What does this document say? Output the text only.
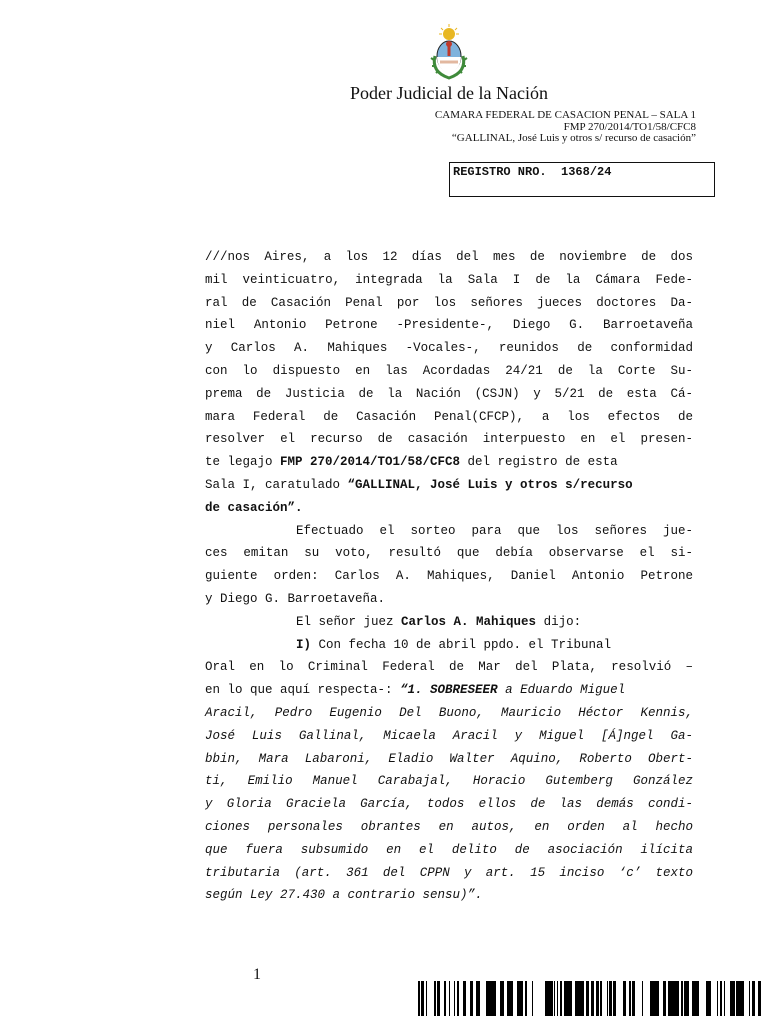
Poder Judicial de la Nación
CAMARA FEDERAL DE CASACION PENAL – SALA 1
FMP 270/2014/TO1/58/CFC8
“GALLINAL, José Luis y otros s/ recurso de casación”
REGISTRO NRO.  1368/24
///nos Aires, a los 12 días del mes de noviembre de dos
mil veinticuatro, integrada la Sala I de la Cámara Fede-
ral de Casación Penal por los señores jueces doctores Da-
niel Antonio Petrone -Presidente-, Diego G. Barroetaveña
y Carlos A. Mahiques -Vocales-, reunidos de conformidad
con lo dispuesto en las Acordadas 24/21 de la Corte Su-
prema de Justicia de la Nación (CSJN) y 5/21 de esta Cá-
mara Federal de Casación Penal(CFCP), a los efectos de
resolver el recurso de casación interpuesto en el presen-
te legajo FMP 270/2014/TO1/58/CFC8 del registro de esta
Sala I, caratulado “GALLINAL, José Luis y otros s/recurso
de casación”.
Efectuado el sorteo para que los señores jue-
ces emitan su voto, resultó que debía observarse el si-
guiente orden: Carlos A. Mahiques, Daniel Antonio Petrone
y Diego G. Barroetaveña.
El señor juez Carlos A. Mahiques dijo:
I) Con fecha 10 de abril ppdo. el Tribunal
Oral en lo Criminal Federal de Mar del Plata, resolvió –
en lo que aquí respecta-: “1. SOBRESEER a Eduardo Miguel
Aracil, Pedro Eugenio Del Buono, Mauricio Héctor Kennis,
José Luis Gallinal, Micaela Aracil y Miguel [Á]ngel Ga-
bbin, Mara Labaroni, Eladio Walter Aquino, Roberto Obert-
ti, Emilio Manuel Carabajal, Horacio Gutemberg González
y Gloria Graciela García, todos ellos de las demás condi-
ciones personales obrantes en autos, en orden al hecho
que fuera subsumido en el delito de asociación ilícita
tributaria (art. 361 del CPPN y art. 15 inciso ‘c’ texto
según Ley 27.430 a contrario sensu)”.
1
